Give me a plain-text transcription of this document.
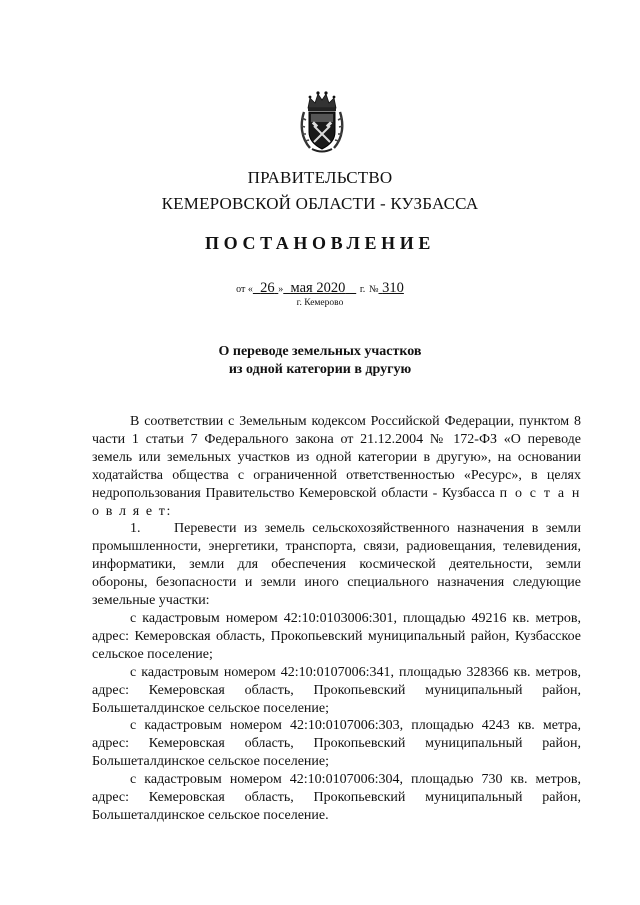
ПРАВИТЕЛЬСТВО
КЕМЕРОВСКОЙ ОБЛАСТИ - КУЗБАССА
ПОСТАНОВЛЕНИЕ
от « 26 » мая 2020 г. № 310
г. Кемерово
О переводе земельных участков
из одной категории в другую

В соответствии с Земельным кодексом Российской Федерации, пунктом 8 части 1 статьи 7 Федерального закона от 21.12.2004 № 172-ФЗ «О переводе земель или земельных участков из одной категории в другую», на основании ходатайства общества с ограниченной ответственностью «Ресурс», в целях недропользования Правительство Кемеровской области - Кузбасса п о с т а н о в л я е т:

1. Перевести из земель сельскохозяйственного назначения в земли промышленности, энергетики, транспорта, связи, радиовещания, телевидения, информатики, земли для обеспечения космической деятельности, земли обороны, безопасности и земли иного специального назначения следующие земельные участки:

с кадастровым номером 42:10:0103006:301, площадью 49216 кв. метров, адрес: Кемеровская область, Прокопьевский муниципальный район, Кузбасское сельское поселение;

с кадастровым номером 42:10:0107006:341, площадью 328366 кв. метров, адрес: Кемеровская область, Прокопьевский муниципальный район, Большеталдинское сельское поселение;

с кадастровым номером 42:10:0107006:303, площадью 4243 кв. метра, адрес: Кемеровская область, Прокопьевский муниципальный район, Большеталдинское сельское поселение;

с кадастровым номером 42:10:0107006:304, площадью 730 кв. метров, адрес: Кемеровская область, Прокопьевский муниципальный район, Большеталдинское сельское поселение.
